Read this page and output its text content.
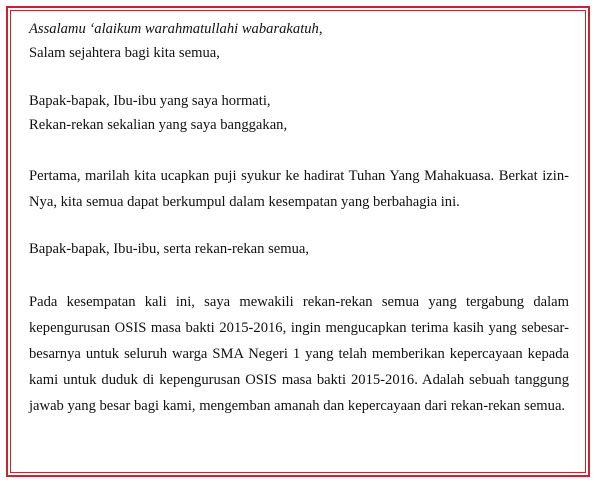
Assalamu ‘alaikum warahmatullahi wabarakatuh,
Salam sejahtera bagi kita semua,
Bapak-bapak, Ibu-ibu yang saya hormati,
Rekan-rekan sekalian yang saya banggakan,
Pertama, marilah kita ucapkan puji syukur ke hadirat Tuhan Yang Mahakuasa. Berkat izin-Nya, kita semua dapat berkumpul dalam kesempatan yang berbahagia ini.
Bapak-bapak, Ibu-ibu, serta rekan-rekan semua,
Pada kesempatan kali ini, saya mewakili rekan-rekan semua yang tergabung dalam kepengurusan OSIS masa bakti 2015-2016, ingin mengucapkan terima kasih yang sebesar-besarnya untuk seluruh warga SMA Negeri 1 yang telah memberikan kepercayaan kepada kami untuk duduk di kepengurusan OSIS masa bakti 2015-2016. Adalah sebuah tanggung jawab yang besar bagi kami, mengemban amanah dan kepercayaan dari rekan-rekan semua.
